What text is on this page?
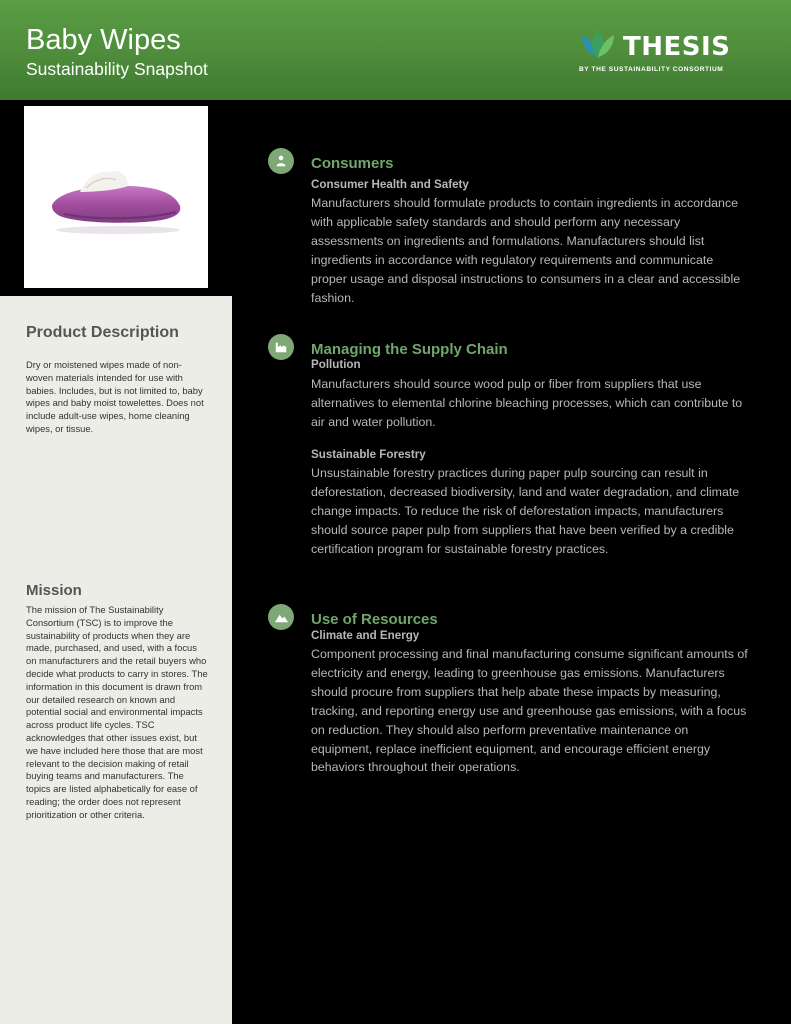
Baby Wipes
Sustainability Snapshot
THESIS
BY THE SUSTAINABILITY CONSORTIUM
Product Description
Dry or moistened wipes made of non-woven materials intended for use with babies. Includes, but is not limited to, baby wipes and baby moist towelettes. Does not include adult-use wipes, home cleaning wipes, or tissue.
Mission
The mission of The Sustainability Consortium (TSC) is to improve the sustainability of products when they are made, purchased, and used, with a focus on manufacturers and the retail buyers who decide what products to carry in stores. The information in this document is drawn from our detailed research on known and potential social and environmental impacts across product life cycles. TSC acknowledges that other issues exist, but we have included here those that are most relevant to the decision making of retail buying teams and manufacturers. The topics are listed alphabetically for ease of reading; the order does not represent prioritization or other criteria.
Consumers
Consumer Health and Safety
Manufacturers should formulate products to contain ingredients in accordance with applicable safety standards and should perform any necessary assessments on ingredients and formulations. Manufacturers should list ingredients in accordance with regulatory requirements and communicate proper usage and disposal instructions to consumers in a clear and accessible fashion.
Managing the Supply Chain
Pollution
Manufacturers should source wood pulp or fiber from suppliers that use alternatives to elemental chlorine bleaching processes, which can contribute to air and water pollution.
Sustainable Forestry
Unsustainable forestry practices during paper pulp sourcing can result in deforestation, decreased biodiversity, land and water degradation, and climate change impacts. To reduce the risk of deforestation impacts, manufacturers should source paper pulp from suppliers that have been verified by a credible certification program for sustainable forestry practices.
Use of Resources
Climate and Energy
Component processing and final manufacturing consume significant amounts of electricity and energy, leading to greenhouse gas emissions. Manufacturers should procure from suppliers that help abate these impacts by measuring, tracking, and reporting energy use and greenhouse gas emissions, with a focus on reduction. They should also perform preventative maintenance on equipment, replace inefficient equipment, and encourage efficient energy behaviors throughout their operations.
